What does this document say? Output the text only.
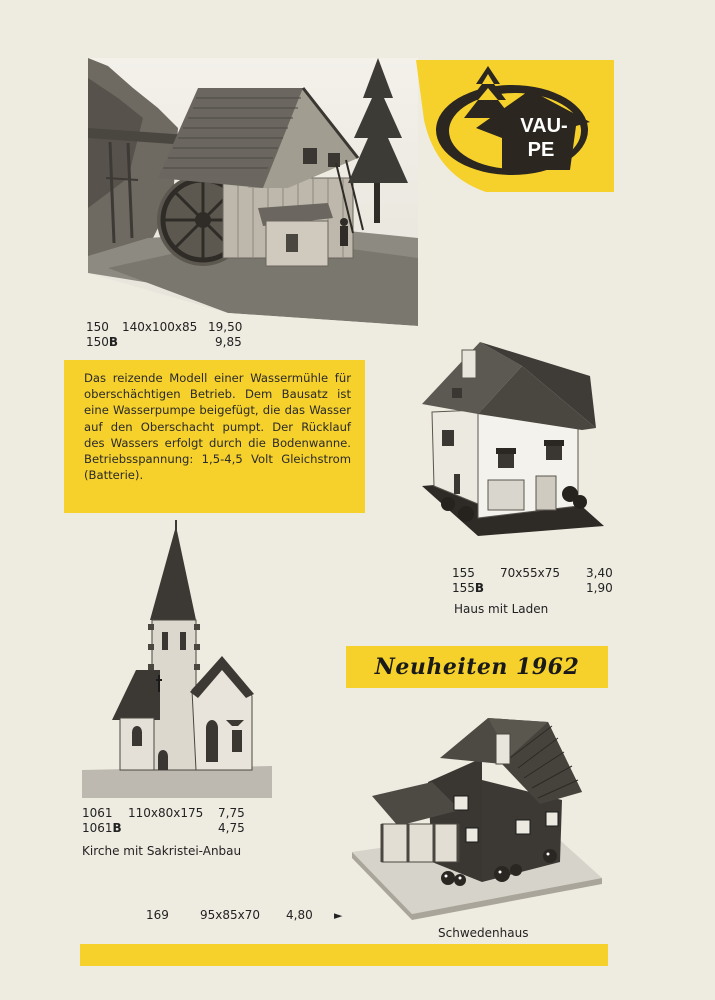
VAU-
PE
150 140x100x85 19,50
150B	9,85

Das reizende Modell einer Wassermühle für oberschächtigen Betrieb. Dem Bausatz ist eine Wasserpumpe beigefügt, die das Wasser auf den Oberschacht pumpt. Der Rücklauf des Wassers erfolgt durch die Bodenwanne. Betriebsspannung: 1,5-4,5 Volt Gleichstrom (Batterie).

155 70x55x75 3,40
155B	1,90
Haus mit Laden
1061 110x80x175 7,75
1061B	4,75
Kirche mit Sakristei-Anbau
Neuheiten 1962
169	95x85x70 4,80 ►
Schwedenhaus
